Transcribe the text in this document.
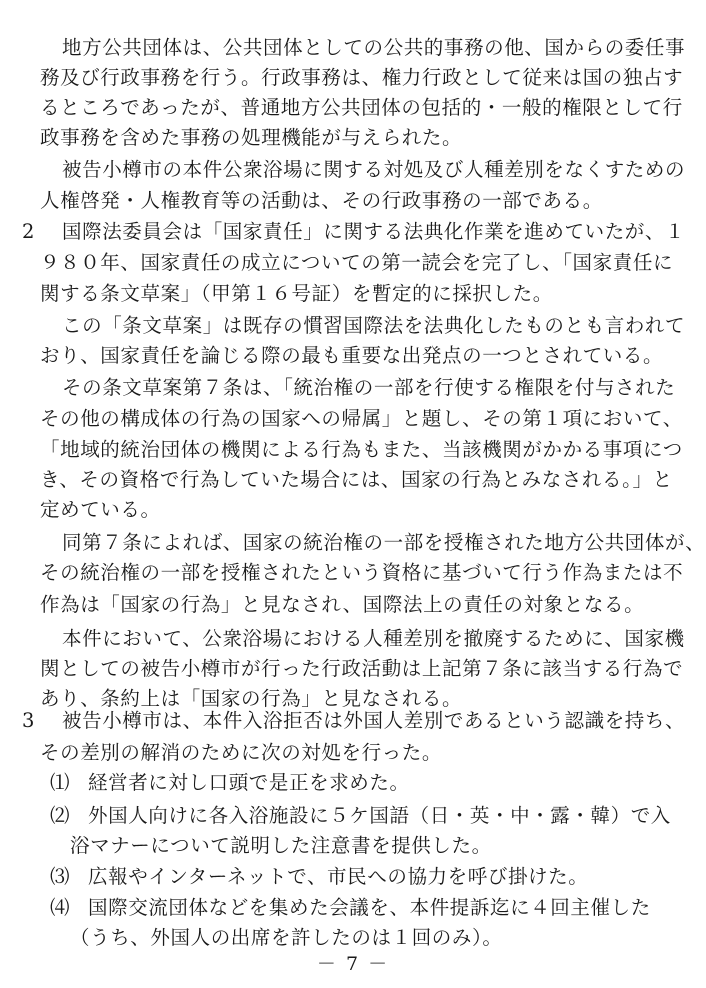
地方公共団体は、公共団体としての公共的事務の他、国からの委任事
務及び行政事務を行う。行政事務は、権力行政として従来は国の独占す
るところであったが、普通地方公共団体の包括的・一般的権限として行
政事務を含めた事務の処理機能が与えられた。
被告小樽市の本件公衆浴場に関する対処及び人種差別をなくすための
人権啓発・人権教育等の活動は、その行政事務の一部である。
2 国際法委員会は「国家責任」に関する法典化作業を進めていたが、１
９８０年、国家責任の成立についての第一読会を完了し、「国家責任に
関する条文草案」（甲第１６号証）を暫定的に採択した。
この「条文草案」は既存の慣習国際法を法典化したものとも言われて
おり、国家責任を論じる際の最も重要な出発点の一つとされている。
その条文草案第７条は、「統治権の一部を行使する権限を付与された
その他の構成体の行為の国家への帰属」と題し、その第１項において、
「地域的統治団体の機関による行為もまた、当該機関がかかる事項につ
き、その資格で行為していた場合には、国家の行為とみなされる。」と
定めている。
同第７条によれば、国家の統治権の一部を授権された地方公共団体が、
その統治権の一部を授権されたという資格に基づいて行う作為または不
作為は「国家の行為」と見なされ、国際法上の責任の対象となる。
本件において、公衆浴場における人種差別を撤廃するために、国家機
関としての被告小樽市が行った行政活動は上記第７条に該当する行為で
あり、条約上は「国家の行為」と見なされる。
3 被告小樽市は、本件入浴拒否は外国人差別であるという認識を持ち、
その差別の解消のために次の対処を行った。
⑴ 経営者に対し口頭で是正を求めた。
⑵ 外国人向けに各入浴施設に５ケ国語（日・英・中・露・韓）で入
浴マナーについて説明した注意書を提供した。
⑶ 広報やインターネットで、市民への協力を呼び掛けた。
－ 7 －
⑷ 国際交流団体などを集めた会議を、本件提訴迄に４回主催した
（うち、外国人の出席を許したのは１回のみ）。
